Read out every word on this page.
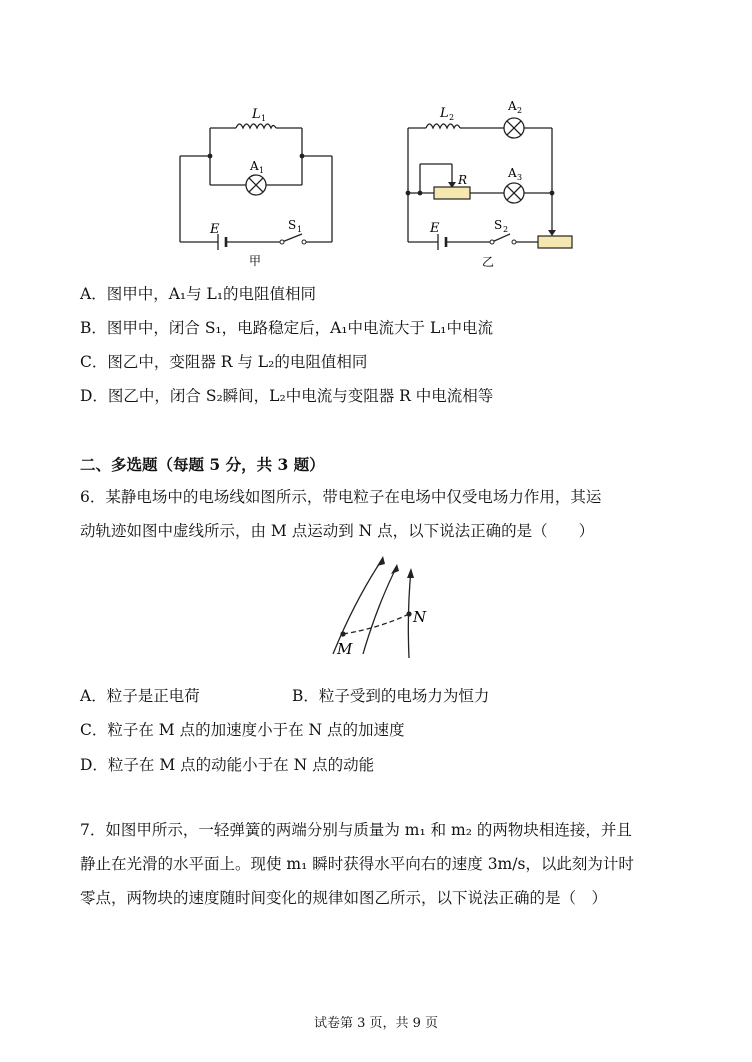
L 1
A 1
E	S 1
甲
L 2
A 2
R	A 3
E	S 2
乙
A．图甲中，A₁与 L₁的电阻值相同
B．图甲中，闭合 S₁，电路稳定后，A₁中电流大于 L₁中电流
C．图乙中，变阻器 R 与 L₂的电阻值相同
D．图乙中，闭合 S₂瞬间，L₂中电流与变阻器 R 中电流相等
二、多选题（每题 5 分，共 3 题）
6．某静电场中的电场线如图所示，带电粒子在电场中仅受电场力作用，其运
动轨迹如图中虚线所示，由 M 点运动到 N 点，以下说法正确的是（　　）
M
N
A．粒子是正电荷	B．粒子受到的电场力为恒力
C．粒子在 M 点的加速度小于在 N 点的加速度
D．粒子在 M 点的动能小于在 N 点的动能
7．如图甲所示，一轻弹簧的两端分别与质量为 m₁ 和 m₂ 的两物块相连接，并且
静止在光滑的水平面上。现使 m₁ 瞬时获得水平向右的速度 3m/s，以此刻为计时
零点，两物块的速度随时间变化的规律如图乙所示，以下说法正确的是（　）
试卷第 3 页，共 9 页
